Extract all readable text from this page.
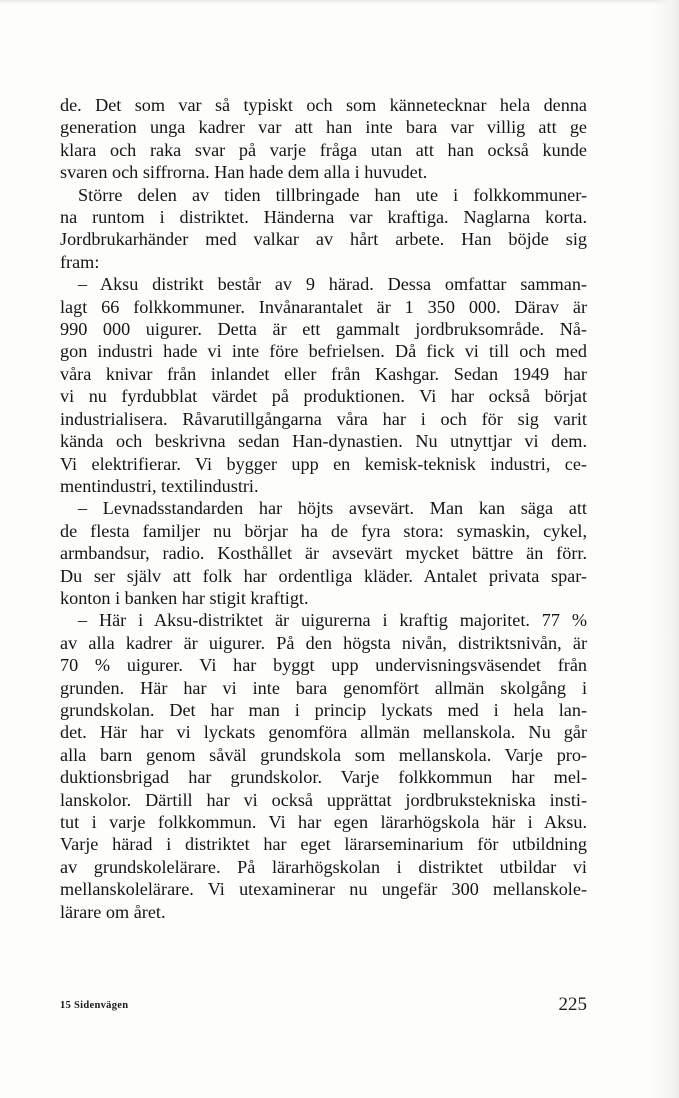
de. Det som var så typiskt och som kännetecknar hela denna

generation unga kadrer var att han inte bara var villig att ge

klara och raka svar på varje fråga utan att han också kunde

svaren och siffrorna. Han hade dem alla i huvudet.

Större delen av tiden tillbringade han ute i folkkommuner-

na runtom i distriktet. Händerna var kraftiga. Naglarna korta.

Jordbrukarhänder med valkar av hårt arbete. Han böjde sig

fram:

– Aksu distrikt består av 9 härad. Dessa omfattar samman-

lagt 66 folkkommuner. Invånarantalet är 1 350 000. Därav är

990 000 uigurer. Detta är ett gammalt jordbruksområde. Nå-

gon industri hade vi inte före befrielsen. Då fick vi till och med

våra knivar från inlandet eller från Kashgar. Sedan 1949 har

vi nu fyrdubblat värdet på produktionen. Vi har också börjat

industrialisera. Råvarutillgångarna våra har i och för sig varit

kända och beskrivna sedan Han-dynastien. Nu utnyttjar vi dem.

Vi elektrifierar. Vi bygger upp en kemisk-teknisk industri, ce-

mentindustri, textilindustri.

– Levnadsstandarden har höjts avsevärt. Man kan säga att

de flesta familjer nu börjar ha de fyra stora: symaskin, cykel,

armbandsur, radio. Kosthållet är avsevärt mycket bättre än förr.

Du ser själv att folk har ordentliga kläder. Antalet privata spar-

konton i banken har stigit kraftigt.

– Här i Aksu-distriktet är uigurerna i kraftig majoritet. 77 %

av alla kadrer är uigurer. På den högsta nivån, distriktsnivån, är

70 % uigurer. Vi har byggt upp undervisningsväsendet från

grunden. Här har vi inte bara genomfört allmän skolgång i

grundskolan. Det har man i princip lyckats med i hela lan-

det. Här har vi lyckats genomföra allmän mellanskola. Nu går

alla barn genom såväl grundskola som mellanskola. Varje pro-

duktionsbrigad har grundskolor. Varje folkkommun har mel-

lanskolor. Därtill har vi också upprättat jordbrukstekniska insti-

tut i varje folkkommun. Vi har egen lärarhögskola här i Aksu.

Varje härad i distriktet har eget lärarseminarium för utbildning

av grundskolelärare. På lärarhögskolan i distriktet utbildar vi

mellanskolelärare. Vi utexaminerar nu ungefär 300 mellanskole-

lärare om året.

15 Sidenvägen	225
